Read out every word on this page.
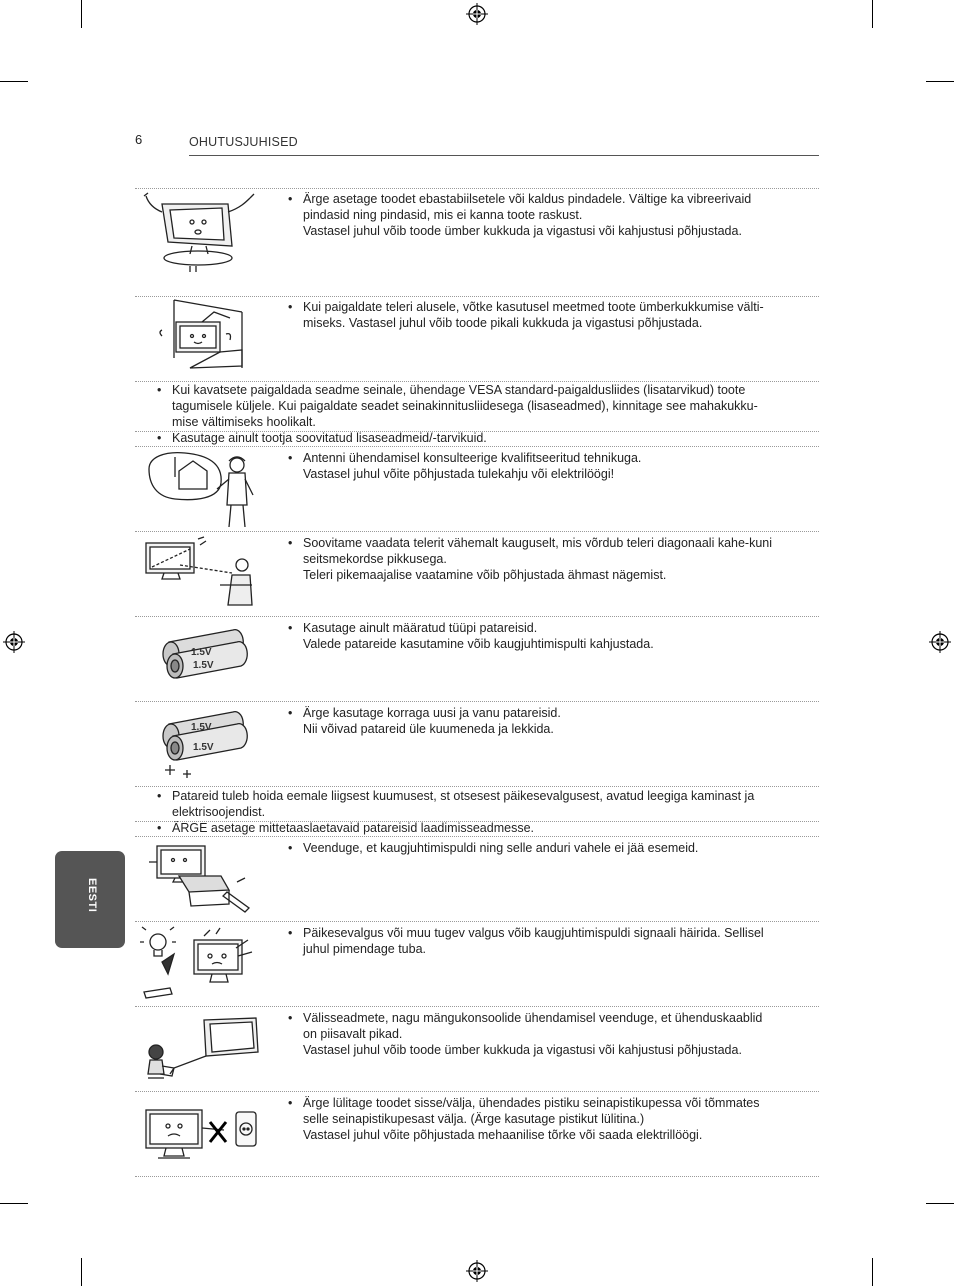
6	OHUTUSJUHISED
EESTI
• Ärge asetage toodet ebastabiilsetele või kaldus pindadele. Vältige ka vibreerivaid
pindasid ning pindasid, mis ei kanna toote raskust.
Vastasel juhul võib toode ümber kukkuda ja vigastusi või kahjustusi põhjustada.
• Kui paigaldate teleri alusele, võtke kasutusel meetmed toote ümberkukkumise välti-
miseks. Vastasel juhul võib toode pikali kukkuda ja vigastusi põhjustada.
• Kui kavatsete paigaldada seadme seinale, ühendage VESA standard-paigaldusliides (lisatarvikud) toote
tagumisele küljele. Kui paigaldate seadet seinakinnitusliidesega (lisaseadmed), kinnitage see mahakukku-
mise vältimiseks hoolikalt.
• Kasutage ainult tootja soovitatud lisaseadmeid/-tarvikuid.
• Antenni ühendamisel konsulteerige kvalifitseeritud tehnikuga.
Vastasel juhul võite põhjustada tulekahju või elektrilöögi!
• Soovitame vaadata telerit vähemalt kauguselt, mis võrdub teleri diagonaali kahe-kuni
seitsmekordse pikkusega.
Teleri pikemaajalise vaatamine võib põhjustada ähmast nägemist.
1.5V
1.5V
• Kasutage ainult määratud tüüpi patareisid.
Valede patareide kasutamine võib kaugjuhtimispulti kahjustada.
1.5V
1.5V
• Ärge kasutage korraga uusi ja vanu patareisid.
Nii võivad patareid üle kuumeneda ja lekkida.
• Patareid tuleb hoida eemale liigsest kuumusest, st otsesest päikesevalgusest, avatud leegiga kaminast ja
elektrisoojendist.
• ÄRGE asetage mittetaaslaetavaid patareisid laadimisseadmesse.
• Veenduge, et kaugjuhtimispuldi ning selle anduri vahele ei jää esemeid.
• Päikesevalgus või muu tugev valgus võib kaugjuhtimispuldi signaali häirida. Sellisel
juhul pimendage tuba.
• Välisseadmete, nagu mängukonsoolide ühendamisel veenduge, et ühenduskaablid
on piisavalt pikad.
Vastasel juhul võib toode ümber kukkuda ja vigastusi või kahjustusi põhjustada.
• Ärge lülitage toodet sisse/välja, ühendades pistiku seinapistikupessa või tõmmates
selle seinapistikupesast välja. (Ärge kasutage pistikut lülitina.)
Vastasel juhul võite põhjustada mehaanilise tõrke või saada elektrillöögi.
